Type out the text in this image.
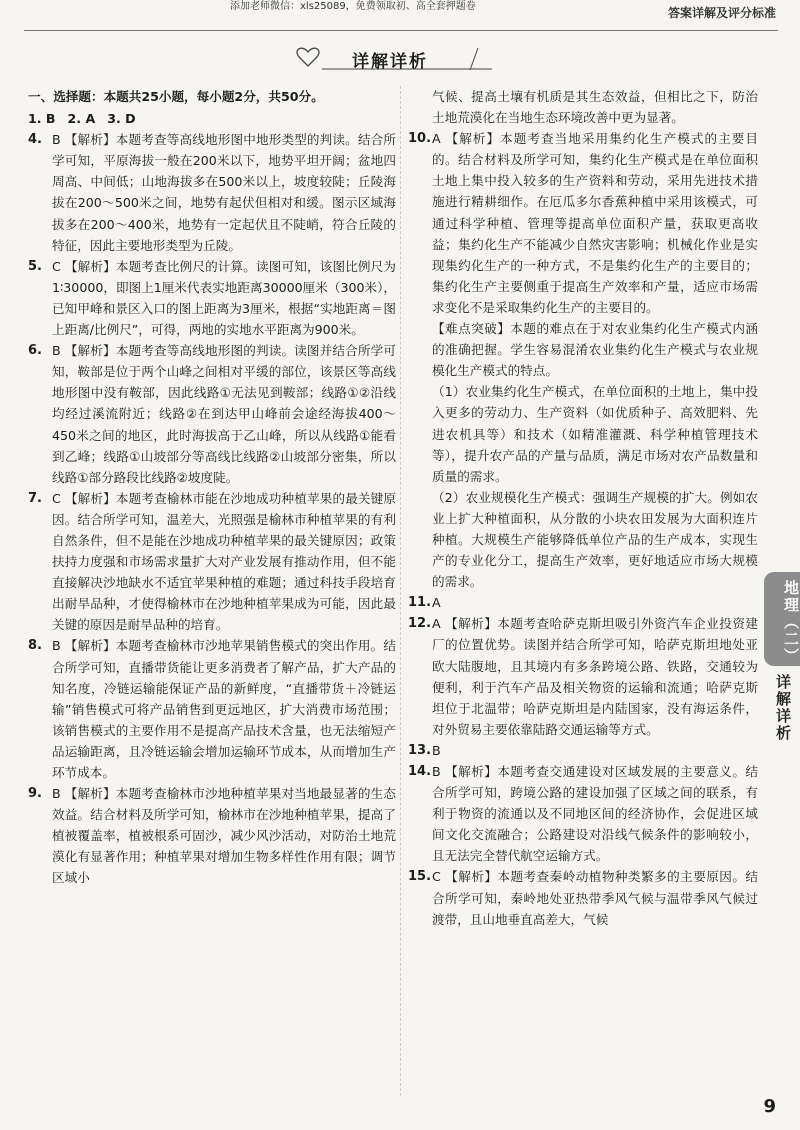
添加老师微信：xls25089，免费领取初、高全套押题卷	答案详解及评分标准
详解详析
一、选择题：本题共25小题，每小题2分，共50分。
1. B 2. A 3. D
4. B 【解析】本题考查等高线地形图中地形类型的判读。结合所学可知，平原海拔一般在200米以下，地势平坦开阔；盆地四周高、中间低；山地海拔多在500米以上，坡度较陡；丘陵海拔在200～500米之间，地势有起伏但相对和缓。图示区域海拔多在200～400米，地势有一定起伏且不陡峭，符合丘陵的特征，因此主要地形类型为丘陵。
5. C 【解析】本题考查比例尺的计算。读图可知，该图比例尺为1∶30000，即图上1厘米代表实地距离30000厘米（300米），已知甲峰和景区入口的图上距离为3厘米，根据“实地距离＝图上距离/比例尺”，可得，两地的实地水平距离为900米。
6. B 【解析】本题考查等高线地形图的判读。读图并结合所学可知，鞍部是位于两个山峰之间相对平缓的部位，该景区等高线地形图中没有鞍部，因此线路①无法见到鞍部；线路①②沿线均经过溪流附近；线路②在到达甲山峰前会途经海拔400～450米之间的地区，此时海拔高于乙山峰，所以从线路①能看到乙峰；线路①山坡部分等高线比线路②山坡部分密集，所以线路①部分路段比线路②坡度陡。
7. C 【解析】本题考查榆林市能在沙地成功种植苹果的最关键原因。结合所学可知，温差大，光照强是榆林市种植苹果的有利自然条件，但不是能在沙地成功种植苹果的最关键原因；政策扶持力度强和市场需求量扩大对产业发展有推动作用，但不能直接解决沙地缺水不适宜苹果种植的难题；通过科技手段培育出耐旱品种，才使得榆林市在沙地种植苹果成为可能，因此最关键的原因是耐旱品种的培育。
8. B 【解析】本题考查榆林市沙地苹果销售模式的突出作用。结合所学可知，直播带货能让更多消费者了解产品，扩大产品的知名度，冷链运输能保证产品的新鲜度，“直播带货＋冷链运输”销售模式可将产品销售到更远地区，扩大消费市场范围；该销售模式的主要作用不是提高产品技术含量，也无法缩短产品运输距离，且冷链运输会增加运输环节成本，从而增加生产环节成本。
9. B 【解析】本题考查榆林市沙地种植苹果对当地最显著的生态效益。结合材料及所学可知，榆林市在沙地种植苹果，提高了植被覆盖率，植被根系可固沙，减少风沙活动，对防治土地荒漠化有显著作用；种植苹果对增加生物多样性作用有限；调节区域小
气候、提高土壤有机质是其生态效益，但相比之下，防治土地荒漠化在当地生态环境改善中更为显著。
10. A 【解析】本题考查当地采用集约化生产模式的主要目的。结合材料及所学可知，集约化生产模式是在单位面积土地上集中投入较多的生产资料和劳动，采用先进技术措施进行精耕细作。在厄瓜多尔香蕉种植中采用该模式，可通过科学种植、管理等提高单位面积产量，获取更高收益；集约化生产不能减少自然灾害影响；机械化作业是实现集约化生产的一种方式，不是集约化生产的主要目的；集约化生产主要侧重于提高生产效率和产量，适应市场需求变化不是采取集约化生产的主要目的。
【难点突破】本题的难点在于对农业集约化生产模式内涵的准确把握。学生容易混淆农业集约化生产模式与农业规模化生产模式的特点。
（1）农业集约化生产模式，在单位面积的土地上，集中投入更多的劳动力、生产资料（如优质种子、高效肥料、先进农机具等）和技术（如精准灌溉、科学种植管理技术等），提升农产品的产量与品质，满足市场对农产品数量和质量的需求。
（2）农业规模化生产模式：强调生产规模的扩大。例如农业上扩大种植面积，从分散的小块农田发展为大面积连片种植。大规模生产能够降低单位产品的生产成本，实现生产的专业化分工，提高生产效率，更好地适应市场大规模的需求。
11. A
12. A 【解析】本题考查哈萨克斯坦吸引外资汽车企业投资建厂的位置优势。读图并结合所学可知，哈萨克斯坦地处亚欧大陆腹地，且其境内有多条跨境公路、铁路，交通较为便利，利于汽车产品及相关物资的运输和流通；哈萨克斯坦位于北温带；哈萨克斯坦是内陆国家，没有海运条件，对外贸易主要依靠陆路交通运输等方式。
13. B
14. B 【解析】本题考查交通建设对区域发展的主要意义。结合所学可知，跨境公路的建设加强了区域之间的联系，有利于物资的流通以及不同地区间的经济协作，会促进区域间文化交流融合；公路建设对沿线气候条件的影响较小，且无法完全替代航空运输方式。
15. C 【解析】本题考查秦岭动植物种类繁多的主要原因。结合所学可知，秦岭地处亚热带季风气候与温带季风气候过渡带，且山地垂直高差大，气候
地理（二）
详解详析
9
